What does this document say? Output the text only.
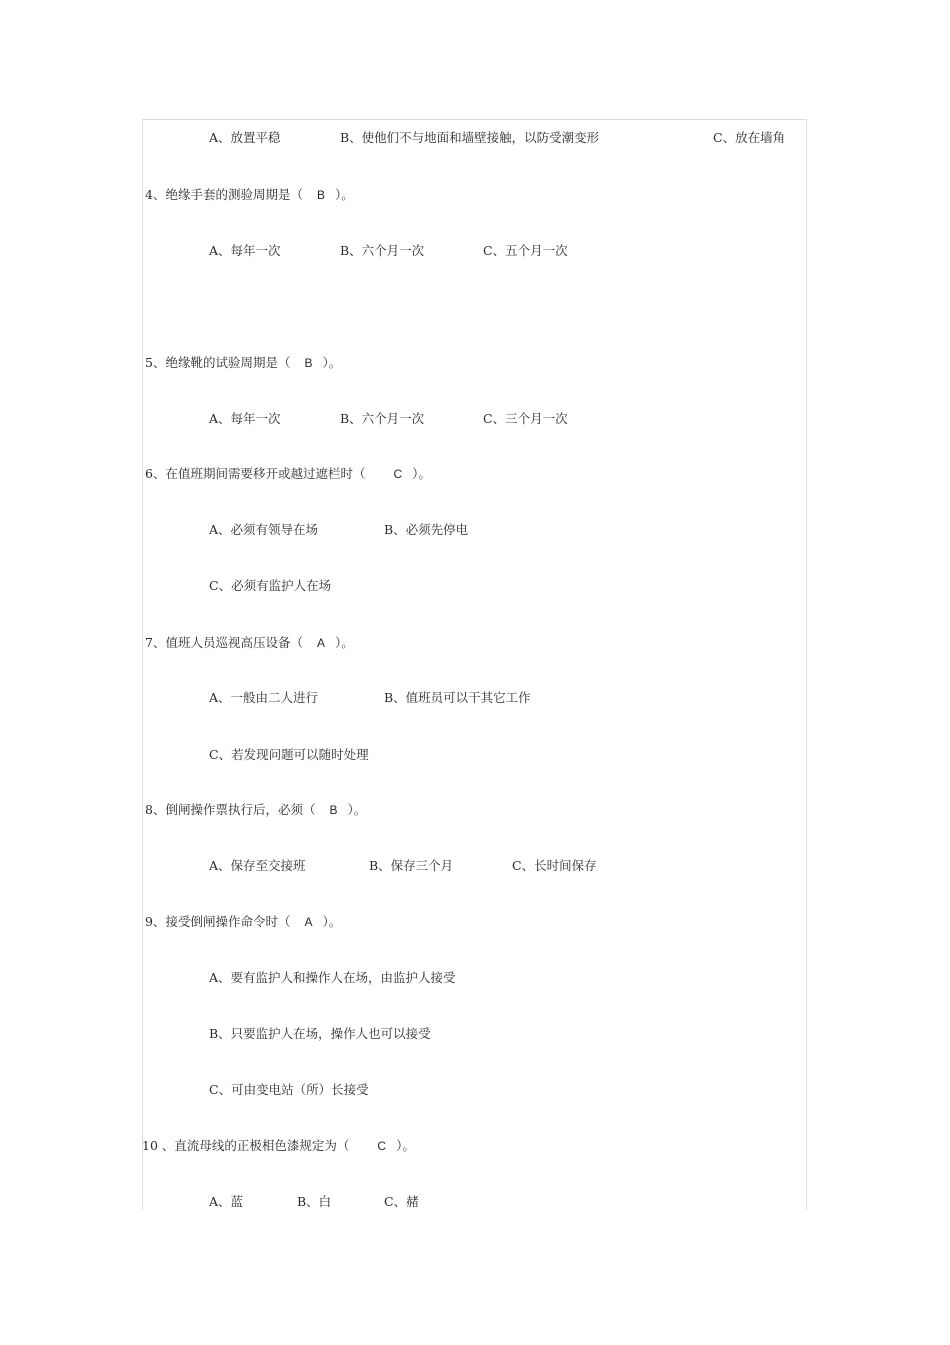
A、放置平稳	B、使他们不与地面和墙壁接触，以防受潮变形	C、放在墙角
4、绝缘手套的测验周期是（ B ）。
A、每年一次	B、六个月一次	C、五个月一次
5、绝缘靴的试验周期是（ B ）。
A、每年一次	B、六个月一次	C、三个月一次
6、在值班期间需要移开或越过遮栏时（ C ）。
A、必须有领导在场	B、必须先停电
C、必须有监护人在场
7、值班人员巡视高压设备（ A ）。
A、一般由二人进行	B、值班员可以干其它工作
C、若发现问题可以随时处理
8、倒闸操作票执行后，必须（ B ）。
A、保存至交接班	B、保存三个月	C、长时间保存
9、接受倒闸操作命令时（ A ）。
A、要有监护人和操作人在场，由监护人接受
B、只要监护人在场，操作人也可以接受
C、可由变电站（所）长接受
10 、直流母线的正极相色漆规定为（ C ）。
A、蓝	B、白	C、赭
